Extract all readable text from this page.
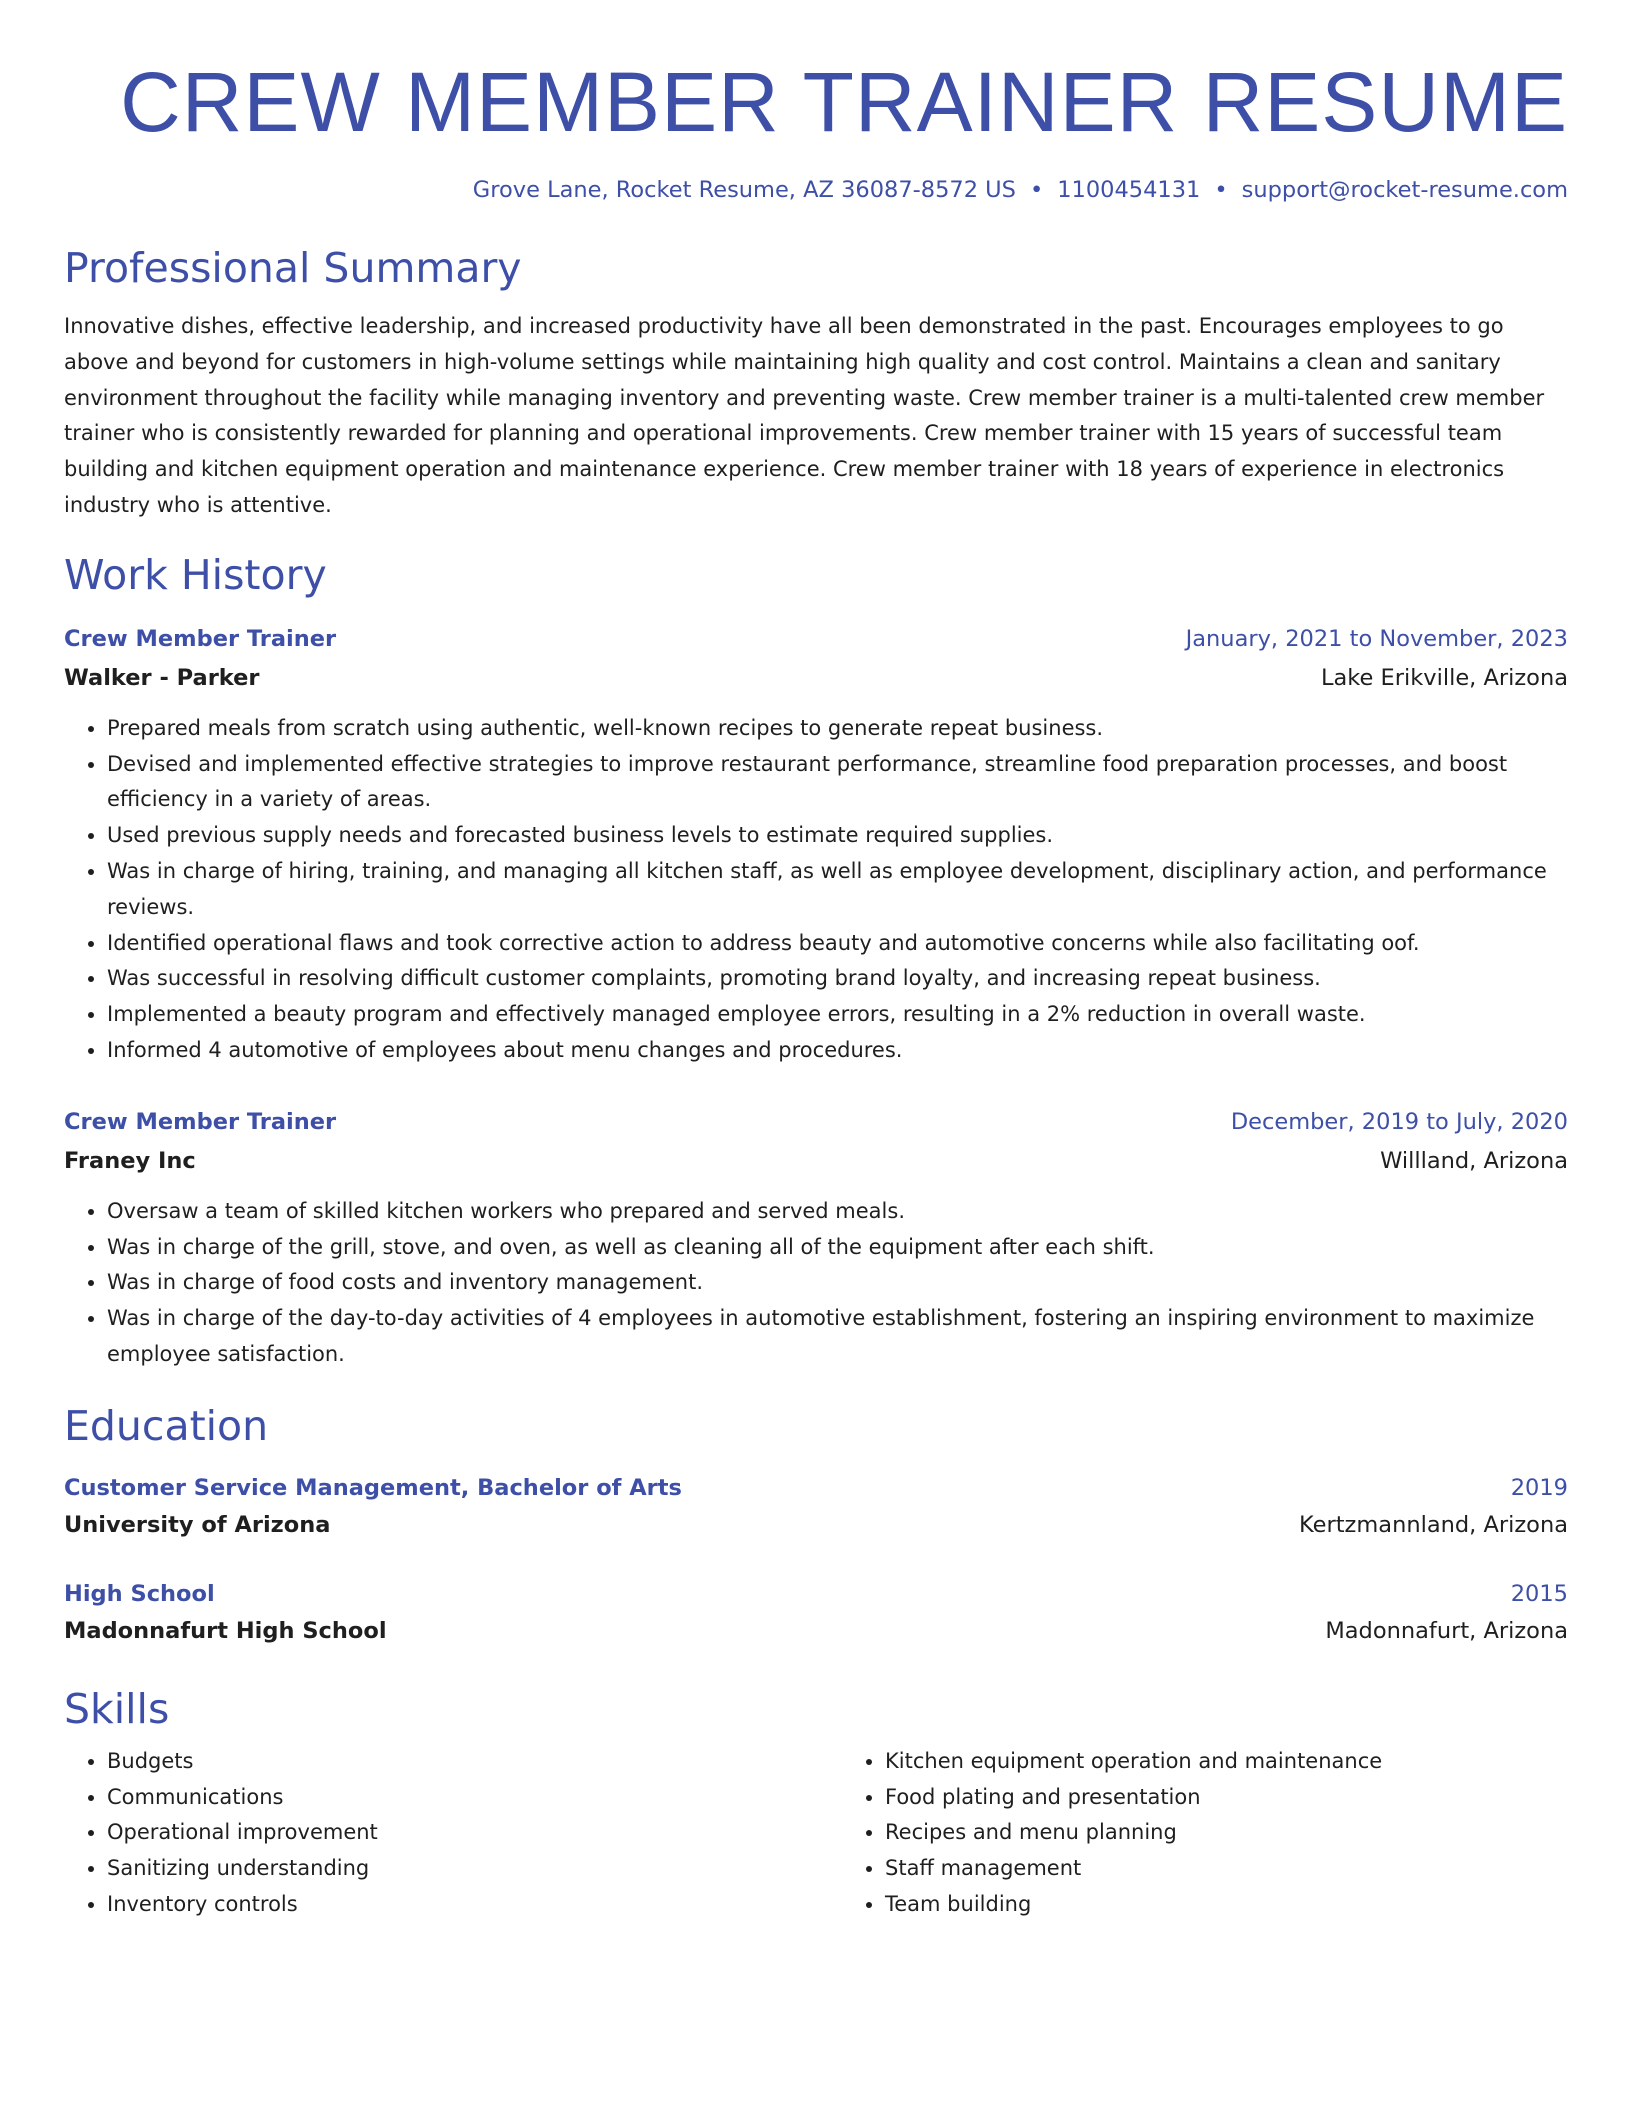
CREW MEMBER TRAINER RESUME
Grove Lane, Rocket Resume, AZ 36087-8572 US • 1100454131 • support@rocket-resume.com
Professional Summary
Innovative dishes, effective leadership, and increased productivity have all been demonstrated in the past. Encourages employees to go above and beyond for customers in high-volume settings while maintaining high quality and cost control. Maintains a clean and sanitary environment throughout the facility while managing inventory and preventing waste. Crew member trainer is a multi-talented crew member trainer who is consistently rewarded for planning and operational improvements. Crew member trainer with 15 years of successful team building and kitchen equipment operation and maintenance experience. Crew member trainer with 18 years of experience in electronics industry who is attentive.
Work History
Crew Member Trainer	January, 2021 to November, 2023
Walker - Parker	Lake Erikville, Arizona
• Prepared meals from scratch using authentic, well-known recipes to generate repeat business.
• Devised and implemented effective strategies to improve restaurant performance, streamline food preparation processes, and boost efficiency in a variety of areas.
• Used previous supply needs and forecasted business levels to estimate required supplies.
• Was in charge of hiring, training, and managing all kitchen staff, as well as employee development, disciplinary action, and performance reviews.
• Identified operational flaws and took corrective action to address beauty and automotive concerns while also facilitating oof.
• Was successful in resolving difficult customer complaints, promoting brand loyalty, and increasing repeat business.
• Implemented a beauty program and effectively managed employee errors, resulting in a 2% reduction in overall waste.
• Informed 4 automotive of employees about menu changes and procedures.
Crew Member Trainer	December, 2019 to July, 2020
Franey Inc	Willland, Arizona
• Oversaw a team of skilled kitchen workers who prepared and served meals.
• Was in charge of the grill, stove, and oven, as well as cleaning all of the equipment after each shift.
• Was in charge of food costs and inventory management.
• Was in charge of the day-to-day activities of 4 employees in automotive establishment, fostering an inspiring environment to maximize employee satisfaction.
Education
Customer Service Management, Bachelor of Arts	2019
University of Arizona	Kertzmannland, Arizona
High School	2015
Madonnafurt High School	Madonnafurt, Arizona
Skills
• Budgets
• Communications
• Operational improvement
• Sanitizing understanding
• Inventory controls
• Kitchen equipment operation and maintenance
• Food plating and presentation
• Recipes and menu planning
• Staff management
• Team building
